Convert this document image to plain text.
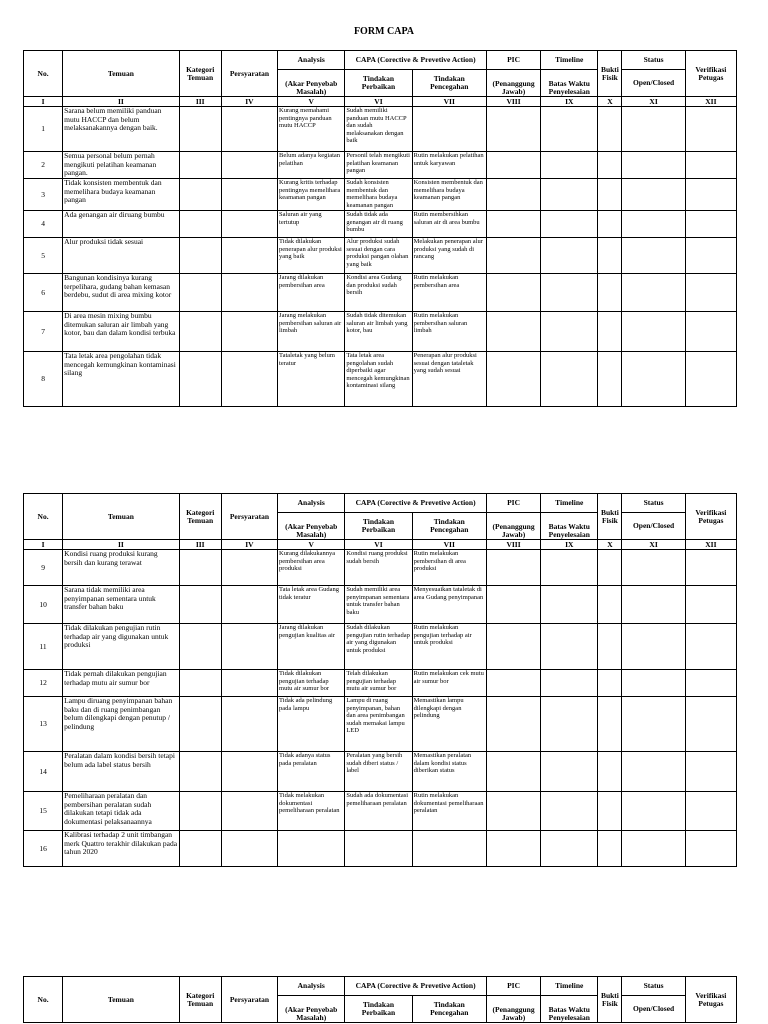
FORM CAPA
No.	Temuan	Kategori Temuan	Persyaratan	Analysis	CAPA (Corective & Prevetive Action)		PIC	Timeline	Bukti Fisik	Status	Verifikasi Petugas
				(Akar Penyebab Masalah)	Tindakan Perbaikan	Tindakan Pencegahan	(Penanggung Jawab)	Batas Waktu Penyelesaian		Open/Closed	
I	II	III	IV	V	VI	VII	VIII	IX	X	XI	XII
1	Sarana belum memiliki panduan mutu HACCP dan belum melaksanakannya dengan baik.			Kurang memahami pentingnya panduan mutu HACCP	Sudah memiliki panduan mutu HACCP dan sudah melaksanakan dengan baik						
2	Semua personal belum pernah mengikuti pelatihan keamanan pangan.			Belum adanya kegiatan pelatihan	Personil telah mengikuti pelatihan keamanan pangan	Rutin melakukan pelatihan untuk karyawan					
3	Tidak konsisten membentuk dan memelihara budaya keamanan pangan			Kurang kritis terhadap pentingnya memelihara keamanan pangan	Sudah konsisten membentuk dan memelihara budaya keamanan pangan	Konsisten membentuk dan memelihara budaya keamanan pangan					
4	Ada genangan air diruang bumbu			Saluran air yang tertutup	Sudah tidak ada genangan air di ruang bumbu	Rutin membersihkan saluran air di area bumbu					
5	Alur produksi tidak sesuai			Tidak dilakukan penerapan alur produksi yang baik	Alur produksi sudah sesuai dengan cara produksi pangan olahan yang baik	Melakukan penerapan alur produksi yang sudah di rancang					
6	Bangunan kondisinya kurang terpelihara, gudang bahan kemasan berdebu, sudut di area mixing kotor			Jarang dilakukan pembersihan area	Kondisi area Gudang dan produksi sudah bersih	Rutin melakukan pembersihan area					
7	Di area mesin mixing bumbu ditemukan saluran air limbah yang kotor, bau dan dalam kondisi terbuka			Jarang melakukan pembersihan saluran air limbah	Sudah tidak ditemukan saluran air limbah yang kotor, bau	Rutin melakukan pembersihan saluran limbah					
8	Tata letak area pengolahan tidak mencegah kemungkinan kontaminasi silang			Tataletak yang belum teratur	Tata letak area pengolahan sudah diperbaiki agar mencegah kemungkinan kontaminasi silang	Penerapan alur produksi sesuai dengan tataletak yang sudah sesuai					
No.	Temuan	Kategori Temuan	Persyaratan	Analysis	CAPA (Corective & Prevetive Action)		PIC	Timeline	Bukti Fisik	Status	Verifikasi Petugas
				(Akar Penyebab Masalah)	Tindakan Perbaikan	Tindakan Pencegahan	(Penanggung Jawab)	Batas Waktu Penyelesaian		Open/Closed	
I	II	III	IV	V	VI	VII	VIII	IX	X	XI	XII
9	Kondisi ruang produksi kurang bersih dan kurang terawat			Kurang dilakukannya pembersihan area produksi	Kondisi ruang produksi sudah bersih	Rutin melakukan pembersihan di area produksi					
10	Sarana tidak memiliki area penyimpanan sementara untuk transfer bahan baku			Tata letak area Gudang tidak teratur	Sudah memiliki area penyimpanan sementara untuk transfer bahan baku	Menyesuaikan tataletak di area Gudang penyimpanan					
11	Tidak dilakukan pengujian rutin terhadap air yang digunakan untuk produksi			Jarang dilakukan pengujian kualitas air	Sudah dilakukan pengujian rutin terhadap air yang digunakan untuk produksi	Rutin melakukan pengujian terhadap air untuk produksi					
12	Tidak pernah dilakukan pengujian terhadap mutu air sumur bor			Tidak dilakukan pengujian terhadap mutu air sumur bor	Telah dilakukan pengujian terhadap mutu air sumur bor	Rutin melakukan cek mutu air sumur bor					
13	Lampu diruang penyimpanan bahan baku dan di ruang penimbangan belum dilengkapi dengan penutup / pelindung			Tidak ada pelindung pada lampu	Lampu di ruang penyimpanan, bahan dan area penimbangan sudah memakai lampu LED	Memastikan lampu dilengkapi dengan pelindung					
14	Peralatan dalam kondisi bersih tetapi belum ada label status bersih			Tidak adanya status pada peralatan	Peralatan yang bersih sudah diberi status / label	Memastikan peralatan dalam kondisi status diberikan status					
15	Pemeliharaan peralatan dan pembersihan peralatan sudah dilakukan tetapi tidak ada dokumentasi pelaksanaannya			Tidak melakukan dokumentasi pemeliharaan peralatan	Sudah ada dokumentasi pemeliharaan peralatan	Rutin melakukan dokumentasi pemeliharaan peralatan					
16	Kalibrasi terhadap 2 unit timbangan merk Quattro terakhir dilakukan pada tahun 2020										
No.	Temuan	Kategori Temuan	Persyaratan	Analysis	CAPA (Corective & Prevetive Action)		PIC	Timeline	Bukti Fisik	Status	Verifikasi Petugas
				(Akar Penyebab Masalah)	Tindakan Perbaikan	Tindakan Pencegahan	(Penanggung Jawab)	Batas Waktu Penyelesaian		Open/Closed	
